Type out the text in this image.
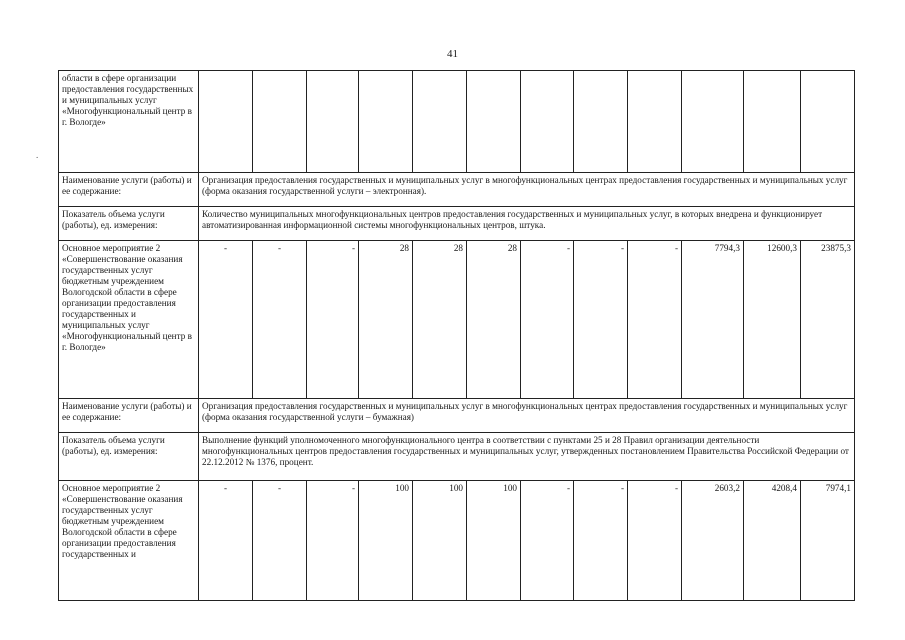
41
.
области в сфере организации предоставления государственных и муниципальных услуг «Многофункциональный центр в г. Вологде»												
Наименование услуги (работы) и ее содержание:	Организация предоставления государственных и муниципальных услуг в многофункциональных центрах предоставления государственных и муниципальных услуг (форма оказания государственной услуги – электронная).											
Показатель объема услуги (работы), ед. измерения:	Количество муниципальных многофункциональных центров предоставления государственных и муниципальных услуг, в которых внедрена и функционирует автоматизированная информационной системы многофункциональных центров, штука.											
Основное мероприятие 2 «Совершенствование оказания государственных услуг бюджетным учреждением Вологодской области в сфере организации предоставления государственных и муниципальных услуг «Многофункциональный центр в г. Вологде»	-	-	-	28	28	28	-	-	-	7794,3	12600,3	23875,3
Наименование услуги (работы) и ее содержание:	Организация предоставления государственных и муниципальных услуг в многофункциональных центрах предоставления государственных и муниципальных услуг (форма оказания государственной услуги – бумажная)											
Показатель объема услуги (работы), ед. измерения:	Выполнение функций уполномоченного многофункционального центра в соответствии с пунктами 25 и 28 Правил организации деятельности многофункциональных центров предоставления государственных и муниципальных услуг, утвержденных постановлением Правительства Российской Федерации от 22.12.2012 № 1376, процент.											
Основное мероприятие 2 «Совершенствование оказания государственных услуг бюджетным учреждением Вологодской области в сфере организации предоставления государственных и	-	-	-	100	100	100	-	-	-	2603,2	4208,4	7974,1
